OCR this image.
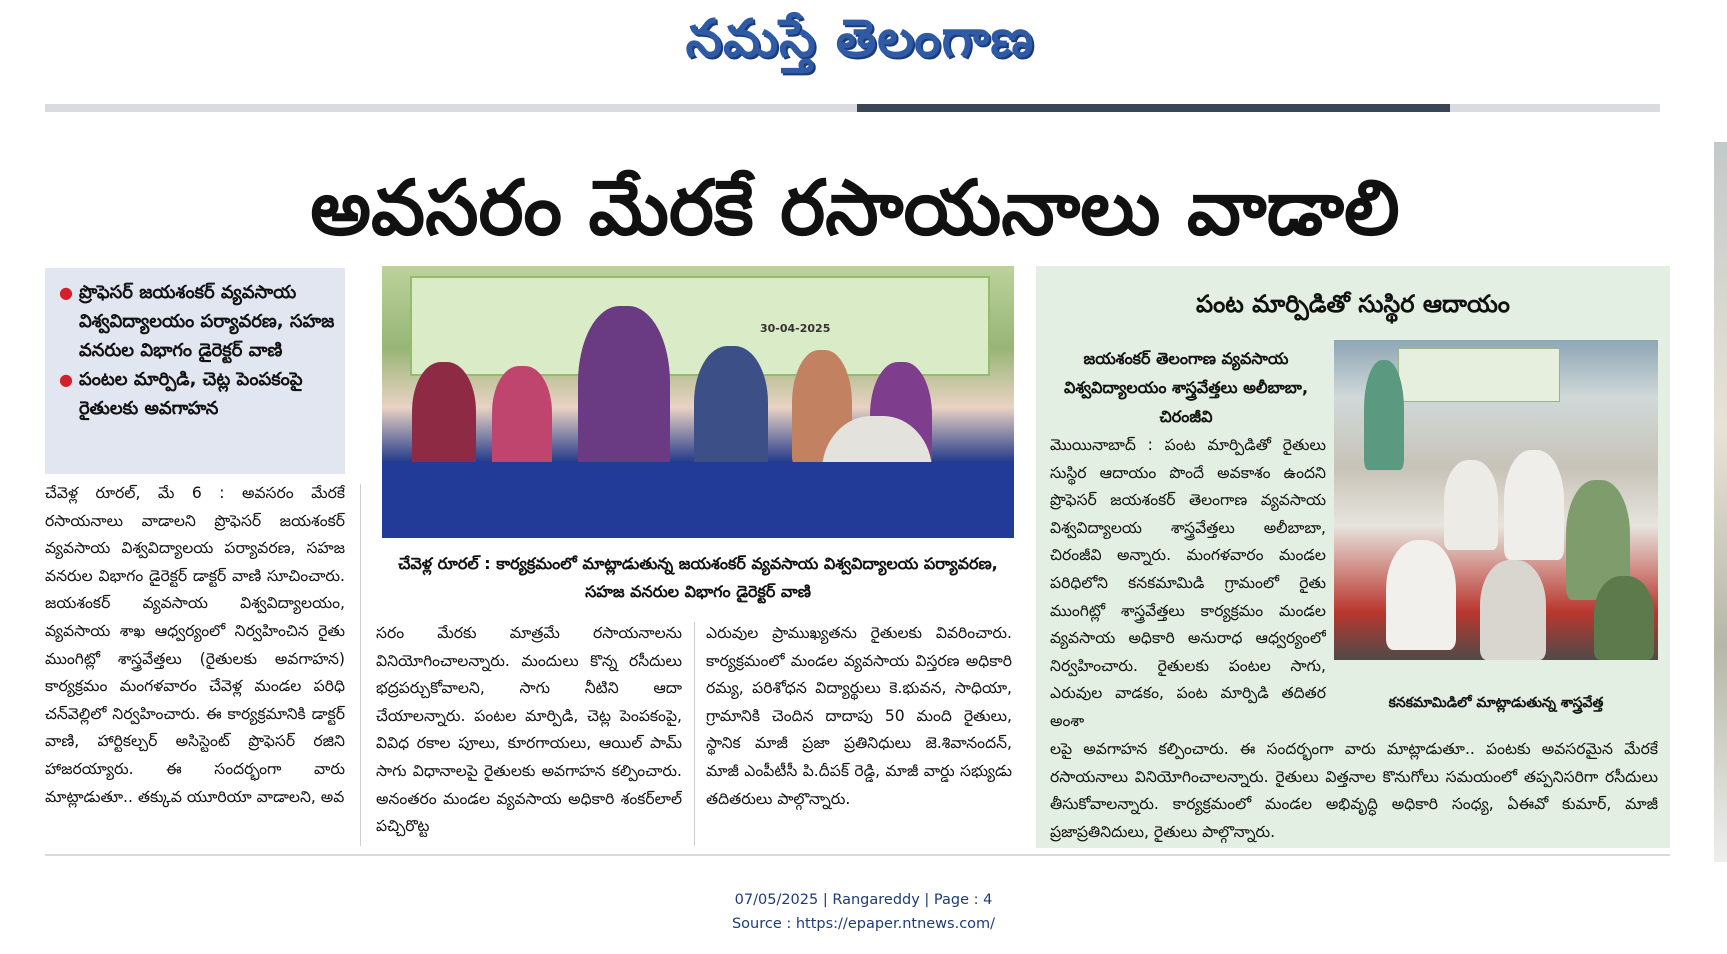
నమస్తే తెలంగాణ
అవసరం మేరకే రసాయనాలు వాడాలి
● ప్రొఫెసర్ జయశంకర్ వ్యవసాయ విశ్వవిద్యాలయం పర్యావరణ, సహజ వనరుల విభాగం డైరెక్టర్ వాణి
● పంటల మార్పిడి, చెట్ల పెంపకంపై రైతులకు అవగాహన
30-04-2025
చేవెళ్ల రూరల్ : కార్యక్రమంలో మాట్లాడుతున్న జయశంకర్ వ్యవసాయ విశ్వవిద్యాలయ పర్యావరణ, సహజ వనరుల విభాగం డైరెక్టర్ వాణి
చేవెళ్ల రూరల్, మే 6 : అవసరం మేరకే రసాయనాలు వాడాలని ప్రొఫెసర్ జయశంకర్ వ్యవసాయ విశ్వవిద్యాలయ పర్యావరణ, సహజ వనరుల విభాగం డైరెక్టర్ డాక్టర్ వాణి సూచించారు. జయశంకర్ వ్యవసాయ విశ్వవిద్యాలయం, వ్యవసాయ శాఖ ఆధ్వర్యంలో నిర్వహించిన రైతు ముంగిట్లో శాస్త్రవేత్తలు (రైతులకు అవగాహన) కార్యక్రమం మంగళవారం చేవెళ్ల మండల పరిధి చన్‌వెల్లిలో నిర్వహించారు. ఈ కార్యక్రమానికి డాక్టర్ వాణి, హార్టికల్చర్ అసిస్టెంట్ ప్రొఫెసర్ రజిని హాజరయ్యారు. ఈ సందర్భంగా వారు మాట్లాడుతూ.. తక్కువ యూరియా వాడాలని, అవ
సరం మేరకు మాత్రమే రసాయనాలను వినియోగించాలన్నారు. మందులు కొన్న రసీదులు భద్రపర్చుకోవాలని, సాగు నీటిని ఆదా చేయాలన్నారు. పంటల మార్పిడి, చెట్ల పెంపకంపై, వివిధ రకాల పూలు, కూరగాయలు, ఆయిల్ పామ్ సాగు విధానాలపై రైతులకు అవగాహన కల్పించారు. అనంతరం మండల వ్యవసాయ అధికారి శంకర్‌లాల్ పచ్చిరొట్ట
ఎరువుల ప్రాముఖ్యతను రైతులకు వివరించారు. కార్యక్రమంలో మండల వ్యవసాయ విస్తరణ అధికారి రమ్య, పరిశోధన విద్యార్థులు కె.భువన, సాధియా, గ్రామానికి చెందిన దాదాపు 50 మంది రైతులు, స్థానిక మాజీ ప్రజా ప్రతినిధులు జె.శివానందన్, మాజీ ఎంపీటీసీ పి.దీపక్ రెడ్డి, మాజీ వార్డు సభ్యుడు తదితరులు పాల్గొన్నారు.
పంట మార్పిడితో సుస్థిర ఆదాయం
జయశంకర్ తెలంగాణ వ్యవసాయ విశ్వవిద్యాలయం శాస్త్రవేత్తలు అలీబాబా, చిరంజీవి
కనకమామిడిలో మాట్లాడుతున్న శాస్త్రవేత్త
మొయినాబాద్ : పంట మార్పిడితో రైతులు సుస్థిర ఆదాయం పొందే అవకాశం ఉందని ప్రొఫెసర్ జయశంకర్ తెలంగాణ వ్యవసాయ విశ్వవిద్యాలయ శాస్త్రవేత్తలు అలీబాబా, చిరంజీవి అన్నారు. మంగళవారం మండల పరిధిలోని కనకమామిడి గ్రామంలో రైతు ముంగిట్లో శాస్త్రవేత్తలు కార్యక్రమం మండల వ్యవసాయ అధికారి అనురాధ ఆధ్వర్యంలో నిర్వహించారు. రైతులకు పంటల సాగు, ఎరువుల వాడకం, పంట మార్పిడి తదితర అంశా
లపై అవగాహన కల్పించారు. ఈ సందర్భంగా వారు మాట్లాడుతూ.. పంటకు అవసరమైన మేరకే రసాయనాలు వినియోగించాలన్నారు. రైతులు విత్తనాల కొనుగోలు సమయంలో తప్పనిసరిగా రసీదులు తీసుకోవాలన్నారు. కార్యక్రమంలో మండల అభివృద్ధి అధికారి సంధ్య, ఏఈవో కుమార్, మాజీ ప్రజాప్రతినిదులు, రైతులు పాల్గొన్నారు.
07/05/2025 | Rangareddy | Page : 4
Source : https://epaper.ntnews.com/
